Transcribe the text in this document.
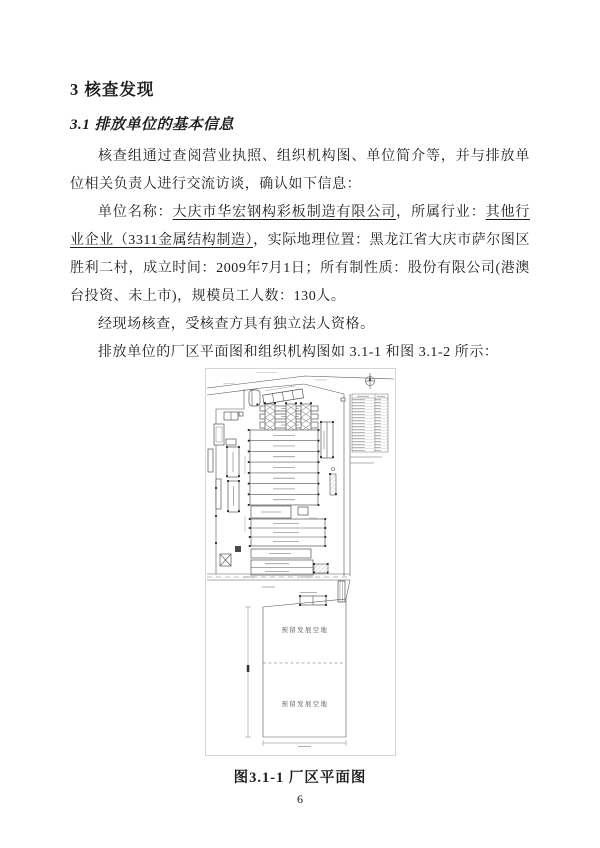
3 核查发现
3.1 排放单位的基本信息

核查组通过查阅营业执照、组织机构图、单位简介等，并与排放单位相关负责人进行交流访谈，确认如下信息：

单位名称：大庆市华宏钢构彩板制造有限公司，所属行业：其他行业企业（3311金属结构制造），实际地理位置：黑龙江省大庆市萨尔图区胜利二村，成立时间：2009年7月1日；所有制性质：股份有限公司(港澳台投资、未上市)，规模员工人数：130人。

经现场核查，受核查方具有独立法人资格。

排放单位的厂区平面图和组织机构图如 3.1-1 和图 3.1-2 所示：

预留发展空地
预留发展空地
图3.1-1 厂区平面图
6
